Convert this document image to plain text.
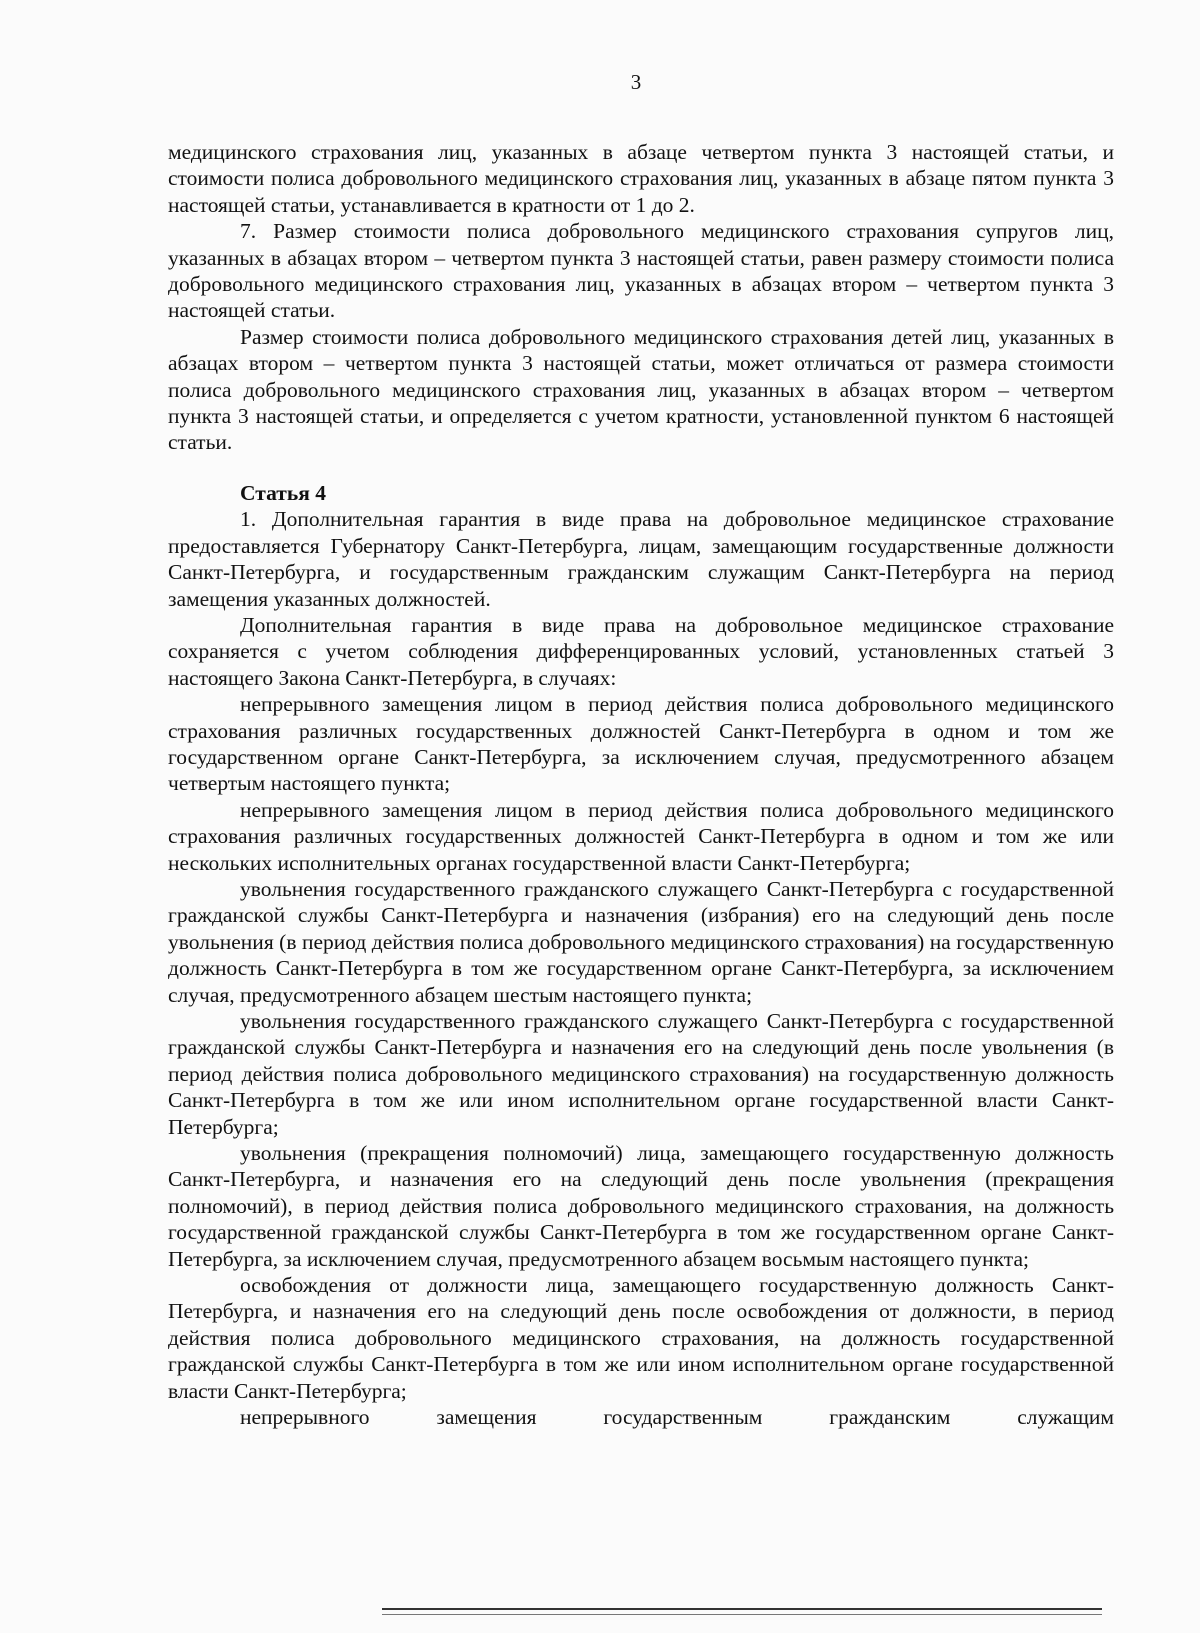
3

медицинского страхования лиц, указанных в абзаце четвертом пункта 3 настоящей статьи, и стоимости полиса добровольного медицинского страхования лиц, указанных в абзаце пятом пункта 3 настоящей статьи, устанавливается в кратности от 1 до 2.

7. Размер стоимости полиса добровольного медицинского страхования супругов лиц, указанных в абзацах втором – четвертом пункта 3 настоящей статьи, равен размеру стоимости полиса добровольного медицинского страхования лиц, указанных в абзацах втором – четвертом пункта 3 настоящей статьи.

Размер стоимости полиса добровольного медицинского страхования детей лиц, указанных в абзацах втором – четвертом пункта 3 настоящей статьи, может отличаться от размера стоимости полиса добровольного медицинского страхования лиц, указанных в абзацах втором – четвертом пункта 3 настоящей статьи, и определяется с учетом кратности, установленной пунктом 6 настоящей статьи.

Статья 4

1. Дополнительная гарантия в виде права на добровольное медицинское страхование предоставляется Губернатору Санкт-Петербурга, лицам, замещающим государственные должности Санкт-Петербурга, и государственным гражданским служащим Санкт-Петербурга на период замещения указанных должностей.

Дополнительная гарантия в виде права на добровольное медицинское страхование сохраняется с учетом соблюдения дифференцированных условий, установленных статьей 3 настоящего Закона Санкт-Петербурга, в случаях:

непрерывного замещения лицом в период действия полиса добровольного медицинского страхования различных государственных должностей Санкт-Петербурга в одном и том же государственном органе Санкт-Петербурга, за исключением случая, предусмотренного абзацем четвертым настоящего пункта;

непрерывного замещения лицом в период действия полиса добровольного медицинского страхования различных государственных должностей Санкт-Петербурга в одном и том же или нескольких исполнительных органах государственной власти Санкт-Петербурга;

увольнения государственного гражданского служащего Санкт-Петербурга с государственной гражданской службы Санкт-Петербурга и назначения (избрания) его на следующий день после увольнения (в период действия полиса добровольного медицинского страхования) на государственную должность Санкт-Петербурга в том же государственном органе Санкт-Петербурга, за исключением случая, предусмотренного абзацем шестым настоящего пункта;

увольнения государственного гражданского служащего Санкт-Петербурга с государственной гражданской службы Санкт-Петербурга и назначения его на следующий день после увольнения (в период действия полиса добровольного медицинского страхования) на государственную должность Санкт-Петербурга в том же или ином исполнительном органе государственной власти Санкт-Петербурга;

увольнения (прекращения полномочий) лица, замещающего государственную должность Санкт-Петербурга, и назначения его на следующий день после увольнения (прекращения полномочий), в период действия полиса добровольного медицинского страхования, на должность государственной гражданской службы Санкт-Петербурга в том же государственном органе Санкт-Петербурга, за исключением случая, предусмотренного абзацем восьмым настоящего пункта;

освобождения от должности лица, замещающего государственную должность Санкт-Петербурга, и назначения его на следующий день после освобождения от должности, в период действия полиса добровольного медицинского страхования, на должность государственной гражданской службы Санкт-Петербурга в том же или ином исполнительном органе государственной власти Санкт-Петербурга;

непрерывного замещения государственным гражданским служащим
